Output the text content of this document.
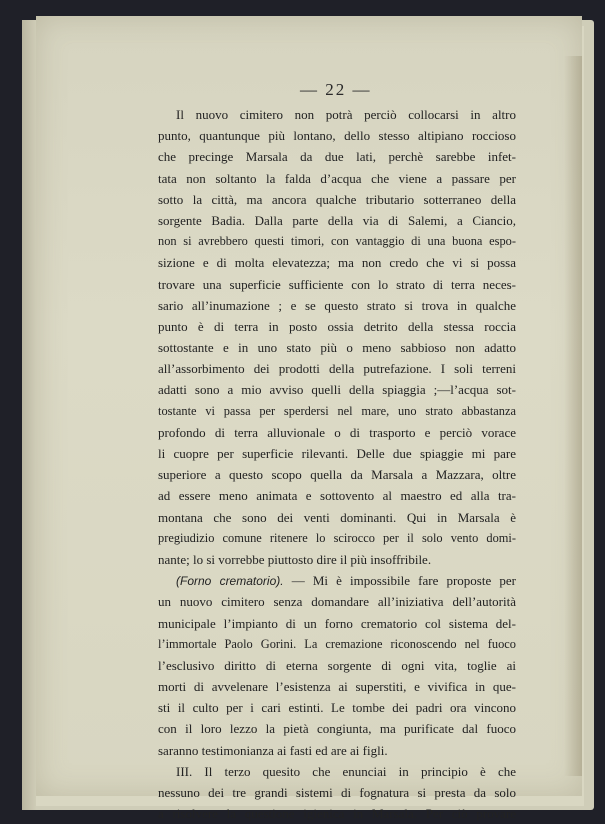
— 22 —
Il nuovo cimitero non potrà perciò collocarsi in altro
punto, quantunque più lontano, dello stesso altipiano roccioso
che precinge Marsala da due lati, perchè sarebbe infet-
tata non soltanto la falda d’acqua che viene a passare per
sotto la città, ma ancora qualche tributario sotterraneo della
sorgente Badia. Dalla parte della via di Salemi, a Ciancio,
non si avrebbero questi timori, con vantaggio di una buona espo-
sizione e di molta elevatezza; ma non credo che vi si possa
trovare una superficie sufficiente con lo strato di terra neces-
sario all’inumazione ; e se questo strato si trova in qualche
punto è di terra in posto ossia detrito della stessa roccia
sottostante e in uno stato più o meno sabbioso non adatto
all’assorbimento dei prodotti della putrefazione. I soli terreni
adatti sono a mio avviso quelli della spiaggia ;—l’acqua sot-
tostante vi passa per sperdersi nel mare, uno strato abbastanza
profondo di terra alluvionale o di trasporto e perciò vorace
li cuopre per superficie rilevanti. Delle due spiaggie mi pare
superiore a questo scopo quella da Marsala a Mazzara, oltre
ad essere meno animata e sottovento al maestro ed alla tra-
montana che sono dei venti dominanti. Qui in Marsala è
pregiudizio comune ritenere lo scirocco per il solo vento domi-
nante; lo si vorrebbe piuttosto dire il più insoffribile.
(Forno crematorio). — Mi è impossibile fare proposte per
un nuovo cimitero senza domandare all’iniziativa dell’autorità
municipale l’impianto di un forno crematorio col sistema del-
l’immortale Paolo Gorini. La cremazione riconoscendo nel fuoco
l’esclusivo diritto di eterna sorgente di ogni vita, toglie ai
morti di avvelenare l’esistenza ai superstiti, e vivifica in que-
sti il culto per i cari estinti. Le tombe dei padri ora vincono
con il loro lezzo la pietà congiunta, ma purificate dal fuoco
saranno testimonianza ai fasti ed are ai figli.
III. Il terzo quesito che enunciai in principio è che
nessuno dei tre grandi sistemi di fognatura si presta da solo
a risolvere la questione igienica in Marsala. Per ciò provare
